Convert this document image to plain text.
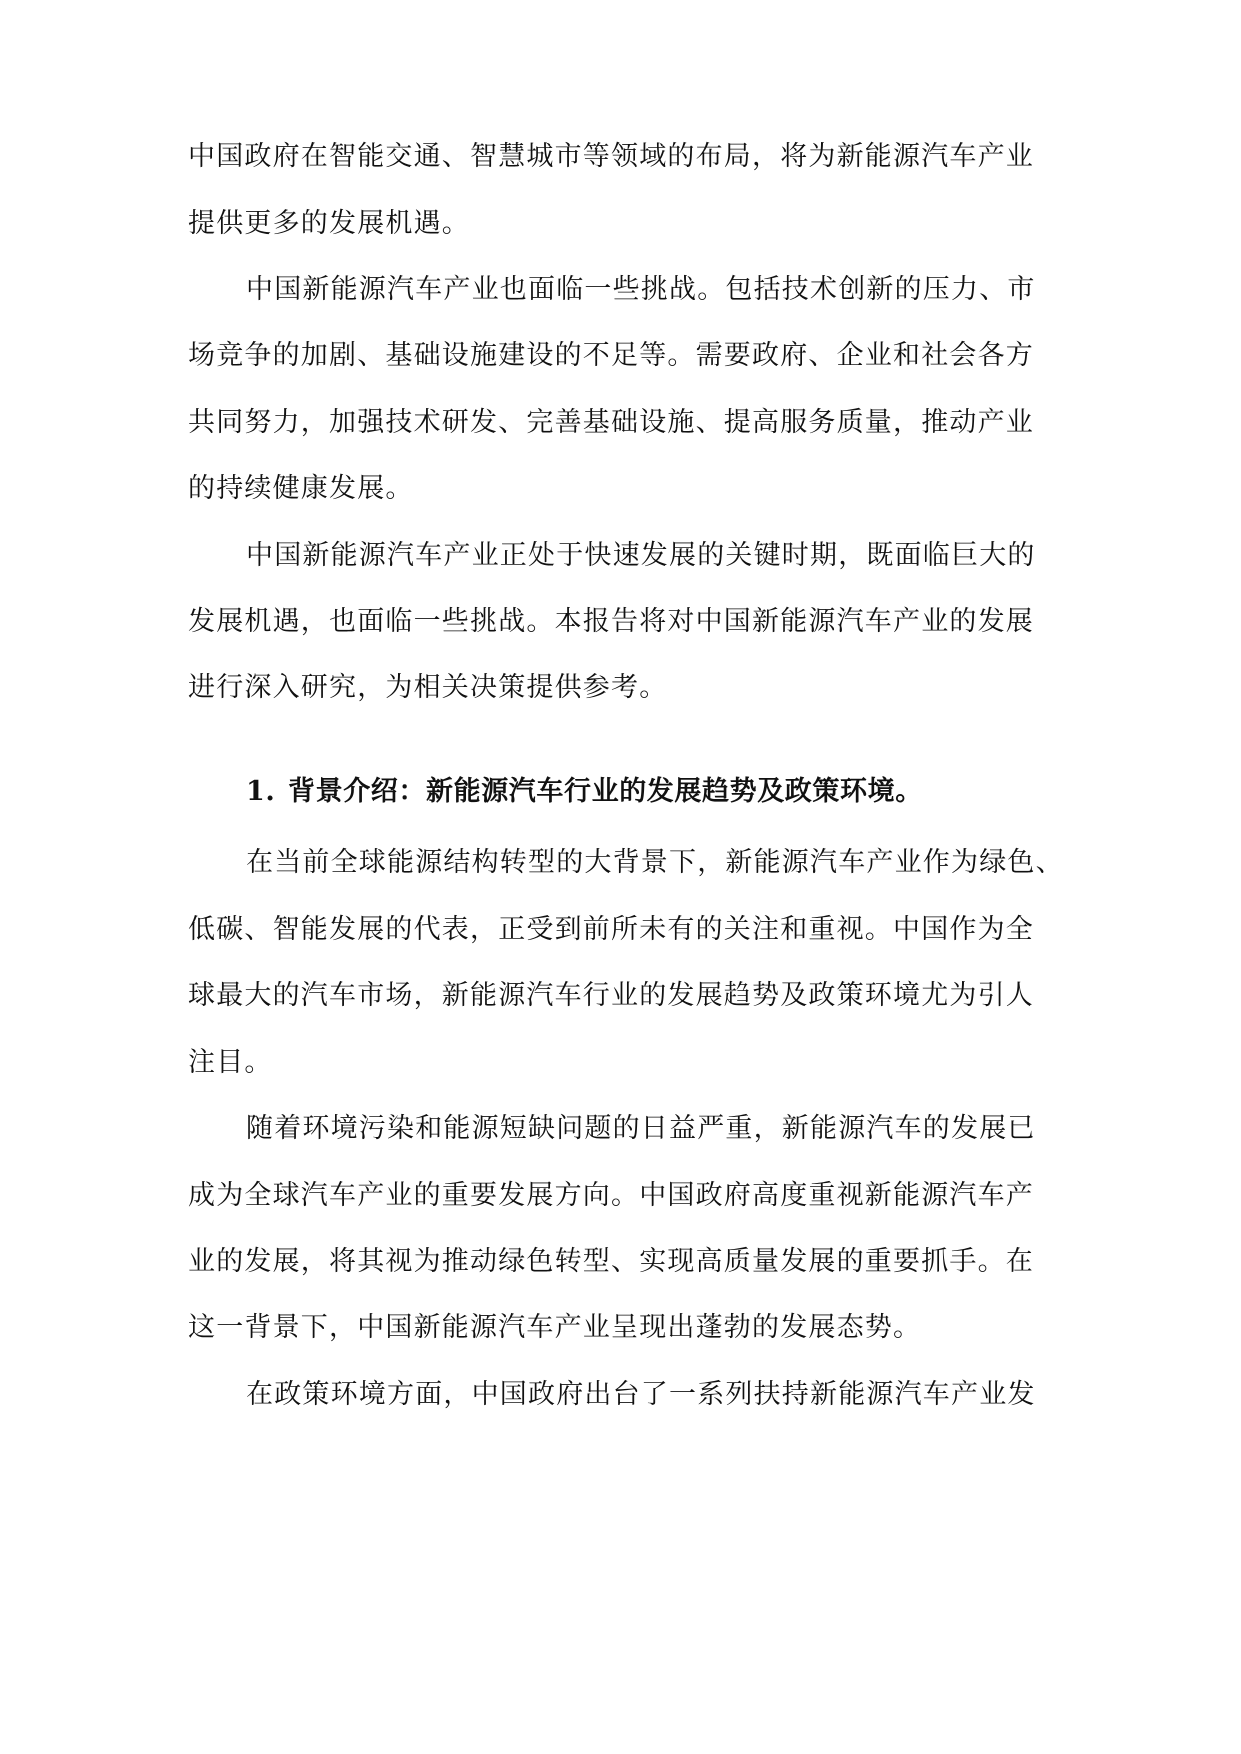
中国政府在智能交通、智慧城市等领域的布局，将为新能源汽车产业
提供更多的发展机遇。
中国新能源汽车产业也面临一些挑战。包括技术创新的压力、市
场竞争的加剧、基础设施建设的不足等。需要政府、企业和社会各方
共同努力，加强技术研发、完善基础设施、提高服务质量，推动产业
的持续健康发展。
中国新能源汽车产业正处于快速发展的关键时期，既面临巨大的
发展机遇，也面临一些挑战。本报告将对中国新能源汽车产业的发展
进行深入研究，为相关决策提供参考。
1. 背景介绍：新能源汽车行业的发展趋势及政策环境。
在当前全球能源结构转型的大背景下，新能源汽车产业作为绿色、
低碳、智能发展的代表，正受到前所未有的关注和重视。中国作为全
球最大的汽车市场，新能源汽车行业的发展趋势及政策环境尤为引人
注目。
随着环境污染和能源短缺问题的日益严重，新能源汽车的发展已
成为全球汽车产业的重要发展方向。中国政府高度重视新能源汽车产
业的发展，将其视为推动绿色转型、实现高质量发展的重要抓手。在
这一背景下，中国新能源汽车产业呈现出蓬勃的发展态势。
在政策环境方面，中国政府出台了一系列扶持新能源汽车产业发
